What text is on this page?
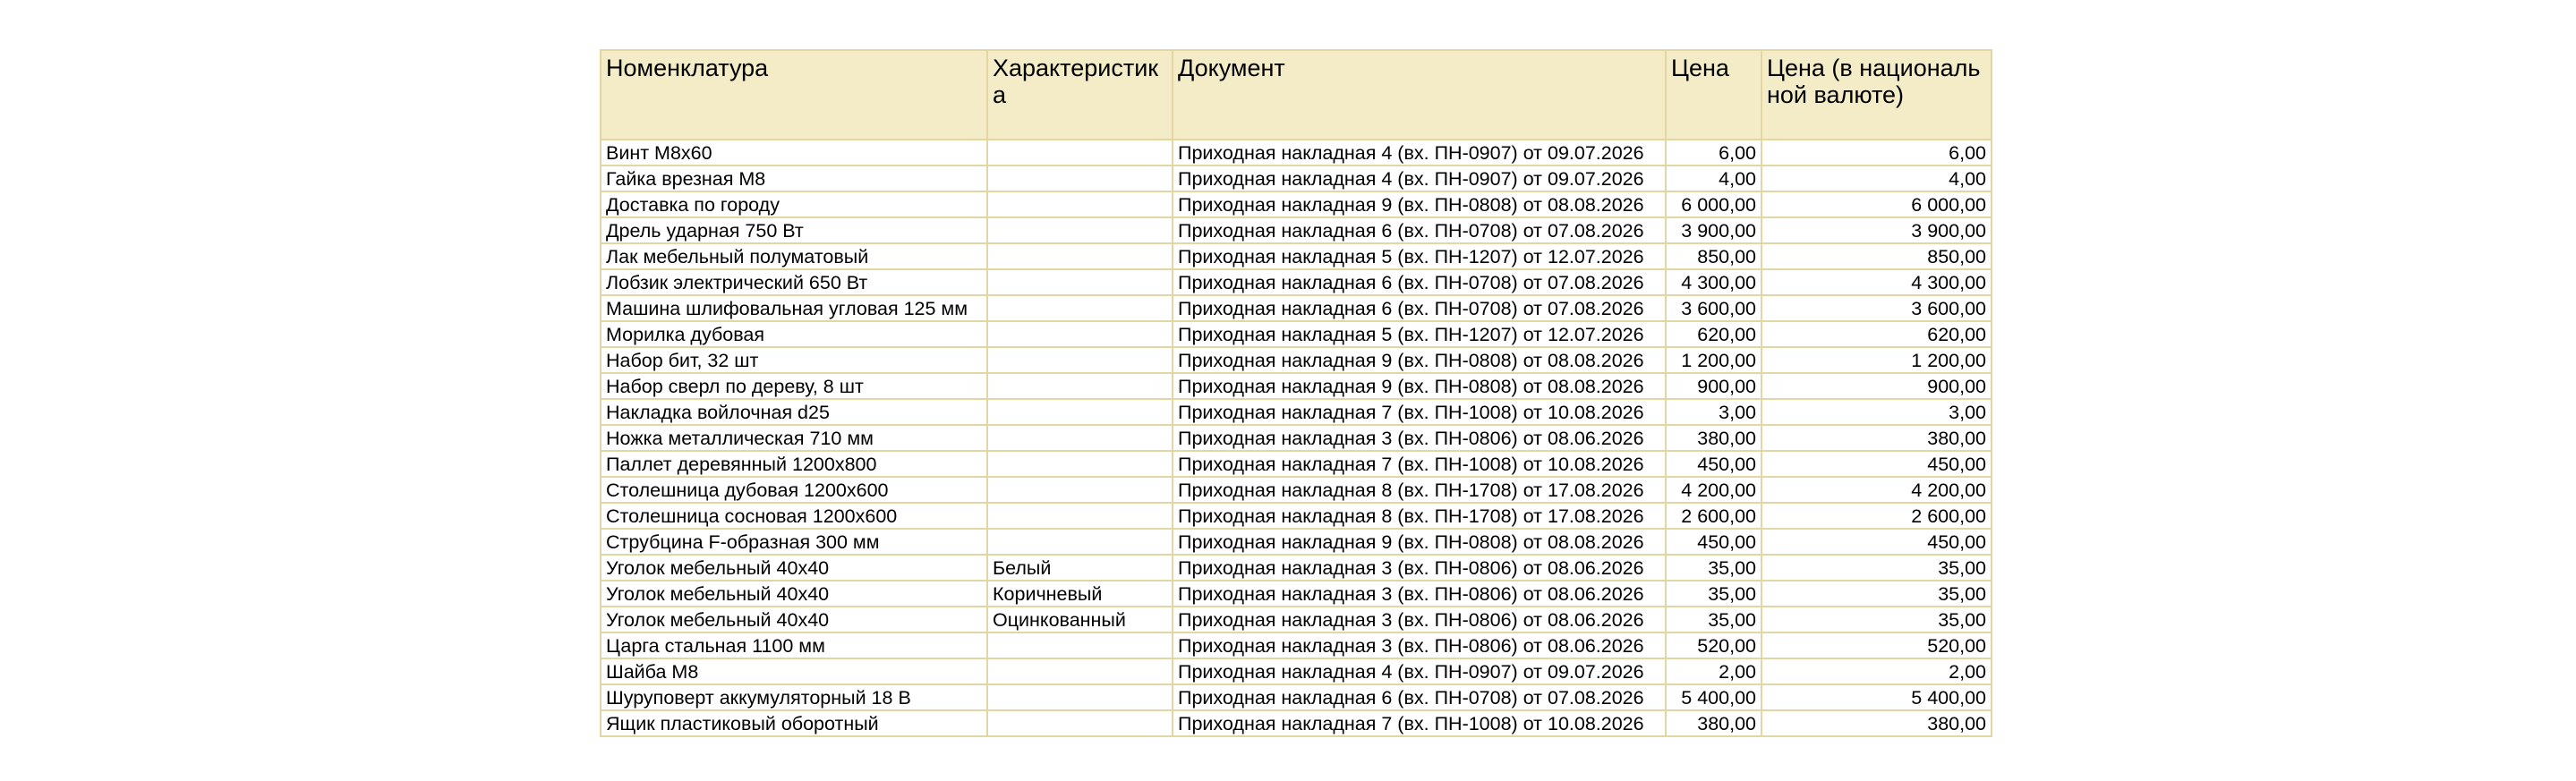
Номенклатура	Характеристика	Документ	Цена	Цена (в национальной валюте)
Винт М8х60		Приходная накладная 4 (вх. ПН-0907) от 09.07.2026	6,00	6,00
Гайка врезная М8		Приходная накладная 4 (вх. ПН-0907) от 09.07.2026	4,00	4,00
Доставка по городу		Приходная накладная 9 (вх. ПН-0808) от 08.08.2026	6 000,00	6 000,00
Дрель ударная 750 Вт		Приходная накладная 6 (вх. ПН-0708) от 07.08.2026	3 900,00	3 900,00
Лак мебельный полуматовый		Приходная накладная 5 (вх. ПН-1207) от 12.07.2026	850,00	850,00
Лобзик электрический 650 Вт		Приходная накладная 6 (вх. ПН-0708) от 07.08.2026	4 300,00	4 300,00
Машина шлифовальная угловая 125 мм		Приходная накладная 6 (вх. ПН-0708) от 07.08.2026	3 600,00	3 600,00
Морилка дубовая		Приходная накладная 5 (вх. ПН-1207) от 12.07.2026	620,00	620,00
Набор бит, 32 шт		Приходная накладная 9 (вх. ПН-0808) от 08.08.2026	1 200,00	1 200,00
Набор сверл по дереву, 8 шт		Приходная накладная 9 (вх. ПН-0808) от 08.08.2026	900,00	900,00
Накладка войлочная d25		Приходная накладная 7 (вх. ПН-1008) от 10.08.2026	3,00	3,00
Ножка металлическая 710 мм		Приходная накладная 3 (вх. ПН-0806) от 08.06.2026	380,00	380,00
Паллет деревянный 1200х800		Приходная накладная 7 (вх. ПН-1008) от 10.08.2026	450,00	450,00
Столешница дубовая 1200х600		Приходная накладная 8 (вх. ПН-1708) от 17.08.2026	4 200,00	4 200,00
Столешница сосновая 1200х600		Приходная накладная 8 (вх. ПН-1708) от 17.08.2026	2 600,00	2 600,00
Струбцина F-образная 300 мм		Приходная накладная 9 (вх. ПН-0808) от 08.08.2026	450,00	450,00
Уголок мебельный 40х40	Белый	Приходная накладная 3 (вх. ПН-0806) от 08.06.2026	35,00	35,00
Уголок мебельный 40х40	Коричневый	Приходная накладная 3 (вх. ПН-0806) от 08.06.2026	35,00	35,00
Уголок мебельный 40х40	Оцинкованный	Приходная накладная 3 (вх. ПН-0806) от 08.06.2026	35,00	35,00
Царга стальная 1100 мм		Приходная накладная 3 (вх. ПН-0806) от 08.06.2026	520,00	520,00
Шайба М8		Приходная накладная 4 (вх. ПН-0907) от 09.07.2026	2,00	2,00
Шуруповерт аккумуляторный 18 В		Приходная накладная 6 (вх. ПН-0708) от 07.08.2026	5 400,00	5 400,00
Ящик пластиковый оборотный		Приходная накладная 7 (вх. ПН-1008) от 10.08.2026	380,00	380,00
